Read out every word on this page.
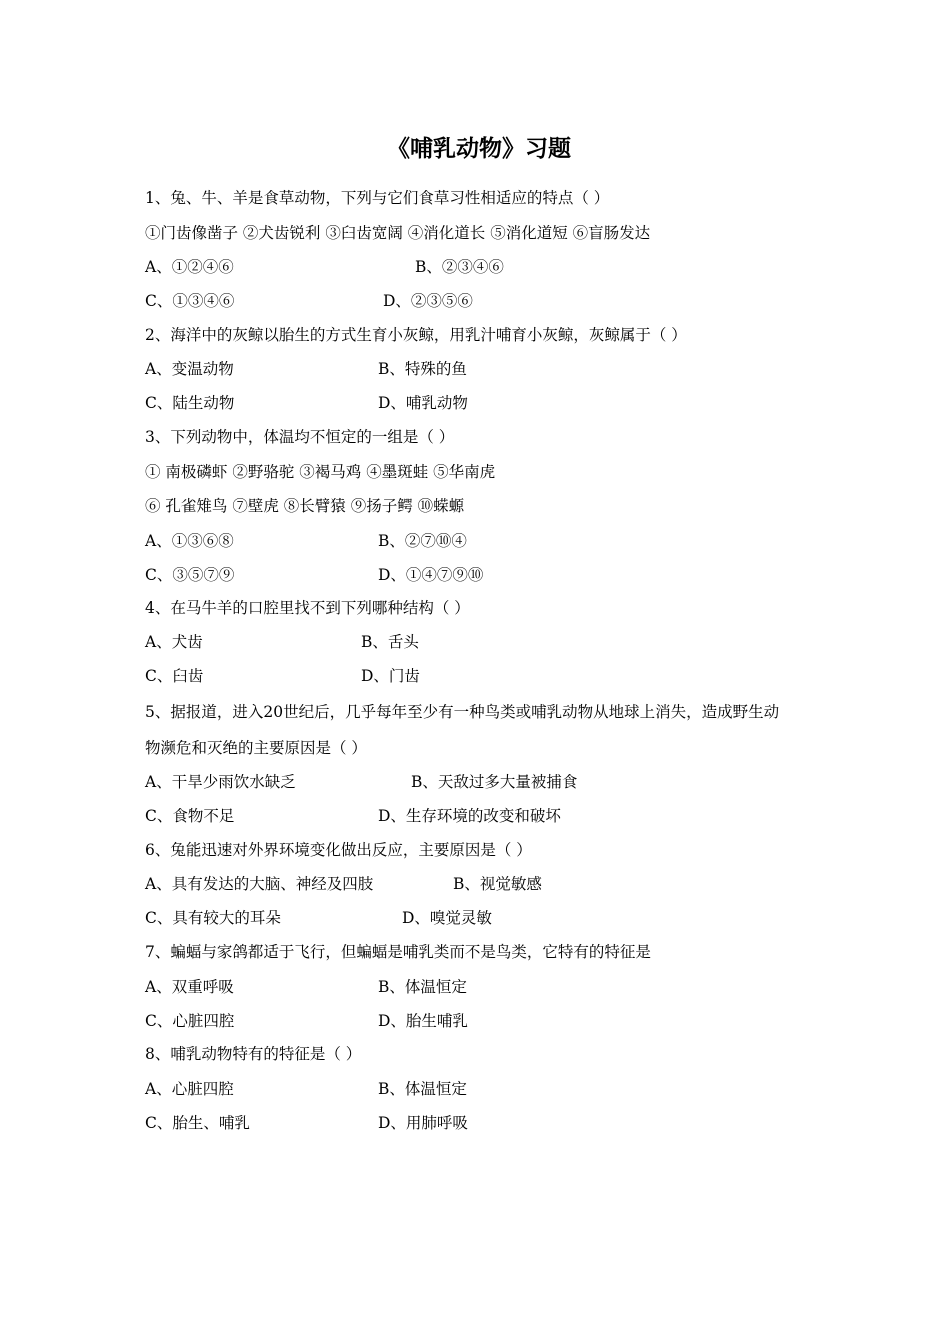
《哺乳动物》习题
1、兔、牛、羊是食草动物，下列与它们食草习性相适应的特点（ ）
①门齿像凿子 ②犬齿锐利 ③臼齿宽阔 ④消化道长 ⑤消化道短 ⑥盲肠发达
A、①②④⑥	B、②③④⑥
C、①③④⑥	D、②③⑤⑥
2、海洋中的灰鲸以胎生的方式生育小灰鲸，用乳汁哺育小灰鲸，灰鲸属于（ ）
A、变温动物	B、特殊的鱼
C、陆生动物	D、哺乳动物
3、下列动物中，体温均不恒定的一组是（ ）
① 南极磷虾 ②野骆驼 ③褐马鸡 ④墨斑蛙 ⑤华南虎
⑥ 孔雀雉鸟 ⑦壁虎 ⑧长臂猿 ⑨扬子鳄 ⑩蝾螈
A、①③⑥⑧	B、②⑦⑩④
C、③⑤⑦⑨	D、①④⑦⑨⑩
4、在马牛羊的口腔里找不到下列哪种结构（ ）
A、犬齿	B、舌头
C、臼齿	D、门齿
5、据报道，进入20世纪后，几乎每年至少有一种鸟类或哺乳动物从地球上消失，造成野生动
物濒危和灭绝的主要原因是（ ）
A、干旱少雨饮水缺乏	B、天敌过多大量被捕食
C、食物不足	D、生存环境的改变和破坏
6、兔能迅速对外界环境变化做出反应，主要原因是（ ）
A、具有发达的大脑、神经及四肢	B、视觉敏感
C、具有较大的耳朵	D、嗅觉灵敏
7、蝙蝠与家鸽都适于飞行，但蝙蝠是哺乳类而不是鸟类，它特有的特征是
A、双重呼吸	B、体温恒定
C、心脏四腔	D、胎生哺乳
8、哺乳动物特有的特征是（ ）
A、心脏四腔	B、体温恒定
C、胎生、哺乳	D、用肺呼吸
